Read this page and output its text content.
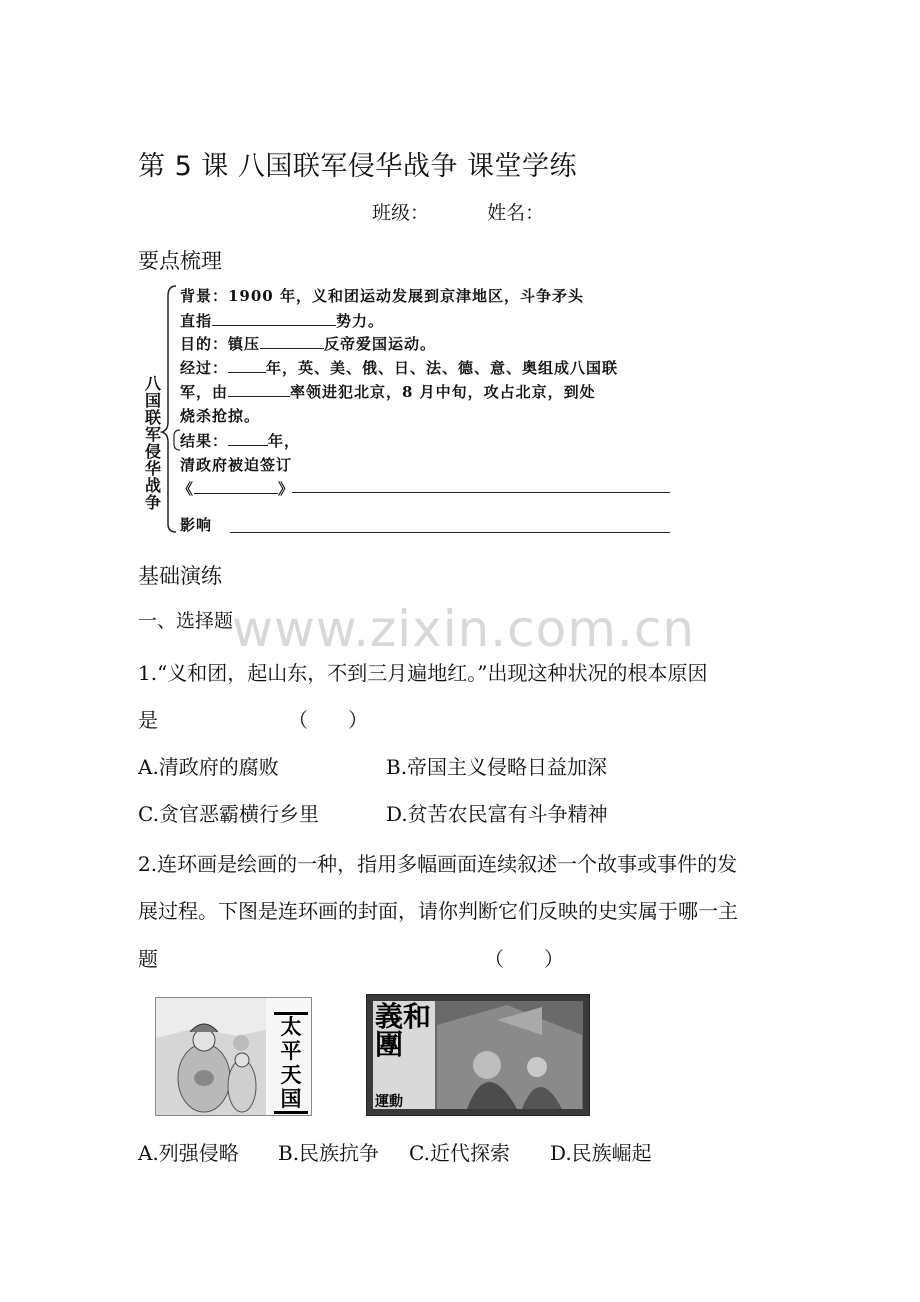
第 5 课 八国联军侵华战争 课堂学练
班级：	姓名：
要点梳理
八
国
联
军
侵
华
战
争
背景：1900 年，义和团运动发展到京津地区，斗争矛头
直指	势力。
目的：镇压	反帝爱国运动。
经过：	年，英、美、俄、日、法、德、意、奥组成八国联
军，由	率领进犯北京，8 月中旬，攻占北京，到处
烧杀抢掠。
结果：	年，
清政府被迫签订
《	》
影响
基础演练
一、选择题
www.zixin.com.cn
1.“义和团，起山东，不到三月遍地红。”出现这种状况的根本原因
是	（　　）
A.清政府的腐败	B.帝国主义侵略日益加深
C.贪官恶霸横行乡里	D.贫苦农民富有斗争精神
2.连环画是绘画的一种，指用多幅画面连续叙述一个故事或事件的发
展过程。下图是连环画的封面，请你判断它们反映的史实属于哪一主
题	（　　）
太平天国
義和團
運動
A.列强侵略 B.民族抗争 C.近代探索 D.民族崛起
